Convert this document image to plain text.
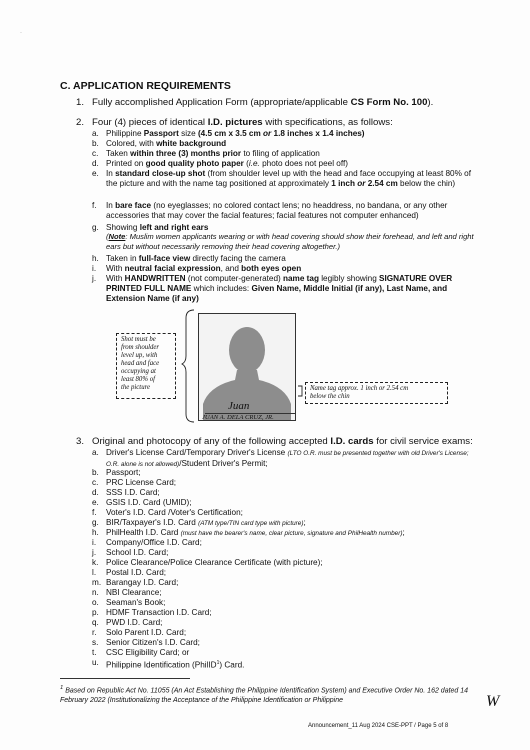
·
C. APPLICATION REQUIREMENTS
1. Fully accomplished Application Form (appropriate/applicable CS Form No. 100).
2. Four (4) pieces of identical I.D. pictures with specifications, as follows:
a. Philippine Passport size (4.5 cm x 3.5 cm or 1.8 inches x 1.4 inches)
b. Colored, with white background
c. Taken within three (3) months prior to filing of application
d. Printed on good quality photo paper (i.e. photo does not peel off)
e. In standard close-up shot (from shoulder level up with the head and face occupying at least 80% of the picture and with the name tag positioned at approximately 1 inch or 2.54 cm below the chin)
f.	In bare face (no eyeglasses; no colored contact lens; no headdress, no bandana, or any other accessories that may cover the facial features; facial features not computer enhanced)
g. Showing left and right ears
(Note: Muslim women applicants wearing or with head covering should show their forehead, and left and right ears but without necessarily removing their head covering altogether.)
h. Taken in full-face view directly facing the camera
i.	With neutral facial expression, and both eyes open
j.	With HANDWRITTEN (not computer-generated) name tag legibly showing SIGNATURE OVER PRINTED FULL NAME which includes: Given Name, Middle Initial (if any), Last Name, and Extension Name (if any)
Juan
JUAN A. DELA CRUZ, JR.
Shot must be
from shoulder
level up, with
head and face
occupying at
least 80% of
the picture	Name tag approx. 1 inch or 2.54 cm
below the chin
3. Original and photocopy of any of the following accepted I.D. cards for civil service exams:
a. Driver's License Card/Temporary Driver's License (LTO O.R. must be presented together with old Driver's License; O.R. alone is not allowed)/Student Driver's Permit;
b. Passport;
c. PRC License Card;
d. SSS I.D. Card;
e. GSIS I.D. Card (UMID);
f.	Voter's I.D. Card /Voter's Certification;
g. BIR/Taxpayer's I.D. Card (ATM type/TIN card type with picture);
h. PhilHealth I.D. Card (must have the bearer's name, clear picture, signature and PhilHealth number);
i.	Company/Office I.D. Card;
j.	School I.D. Card;
k. Police Clearance/Police Clearance Certificate (with picture);
l.	Postal I.D. Card;
m. Barangay I.D. Card;
n. NBI Clearance;
o. Seaman's Book;
p. HDMF Transaction I.D. Card;
q. PWD I.D. Card;
r.	Solo Parent I.D. Card;
s. Senior Citizen's I.D. Card;
t.	CSC Eligibility Card; or
u. Philippine Identification (PhilID$^1$) Card.
$^1$ Based on Republic Act No. 11055 (An Act Establishing the Philippine Identification System) and Executive Order No. 162 dated 14 February 2022 (Institutionalizing the Acceptance of the Philippine Identification or Philippine	W
Announcement_11 Aug 2024 CSE-PPT / Page 5 of 8
